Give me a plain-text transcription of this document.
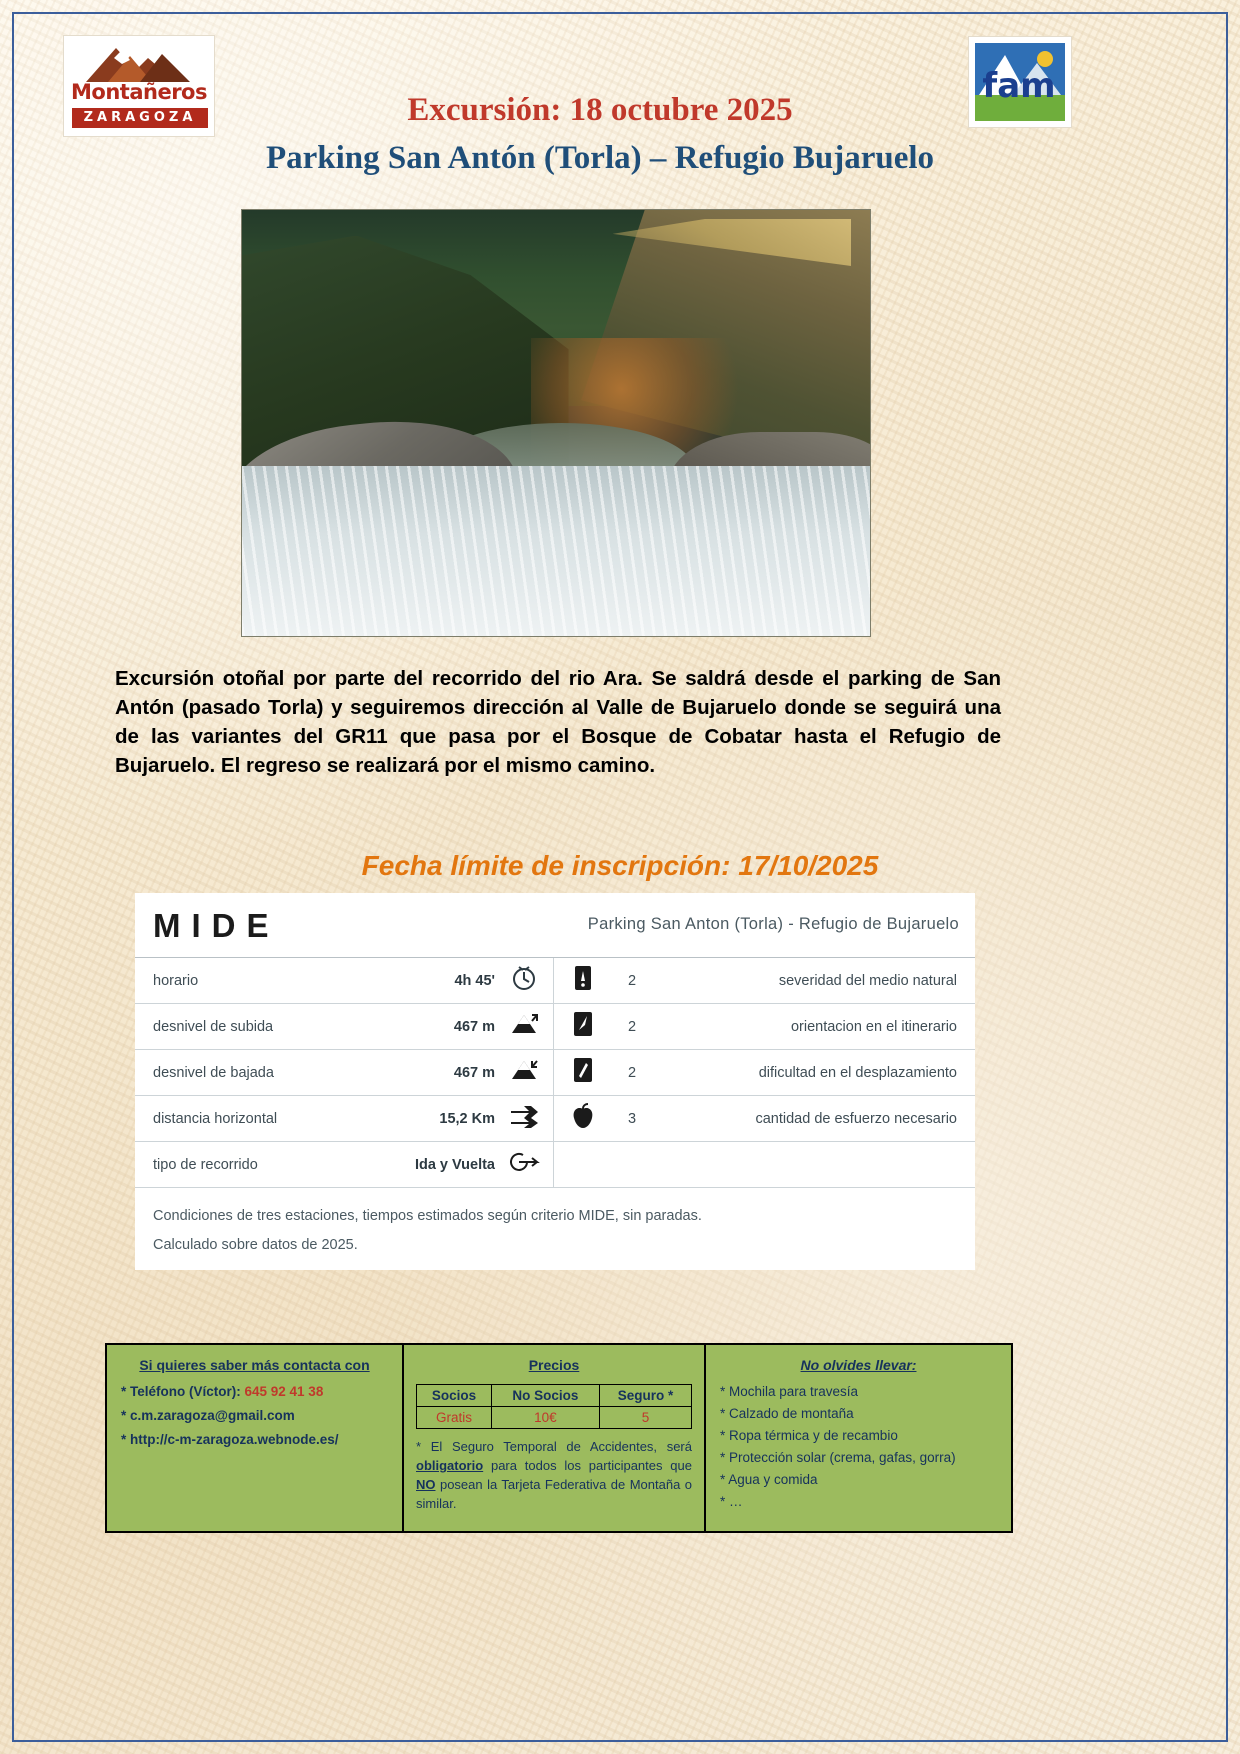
Montañeros
ZARAGOZA
fam
Excursión: 18 octubre 2025
Parking San Antón (Torla) – Refugio Bujaruelo
Excursión otoñal por parte del recorrido del rio Ara. Se saldrá desde el parking de San Antón (pasado Torla) y seguiremos dirección al Valle de Bujaruelo donde se seguirá una de las variantes del GR11 que pasa por el Bosque de Cobatar hasta el Refugio de Bujaruelo. El regreso se realizará por el mismo camino.
Fecha límite de inscripción: 17/10/2025
MIDE	Parking San Anton (Torla) - Refugio de Bujaruelo
horario	4h 45'	2	severidad del medio natural
desnivel de subida	467 m	2	orientacion en el itinerario
desnivel de bajada	467 m	2	dificultad en el desplazamiento
distancia horizontal	15,2 Km	3	cantidad de esfuerzo necesario
tipo de recorrido	Ida y Vuelta
Condiciones de tres estaciones, tiempos estimados según criterio MIDE, sin paradas.
Calculado sobre datos de 2025.
Si quieres saber más contacta con
* Teléfono (Víctor): 645 92 41 38
* c.m.zaragoza@gmail.com
* http://c-m-zaragoza.webnode.es/
Precios
Socios	No Socios	Seguro *
Gratis	10€	5
* El Seguro Temporal de Accidentes, será obligatorio para todos los participantes que NO posean la Tarjeta Federativa de Montaña o similar.
No olvides llevar:
* Mochila para travesía
* Calzado de montaña
* Ropa térmica y de recambio
* Protección solar (crema, gafas, gorra)
* Agua y comida
* …
